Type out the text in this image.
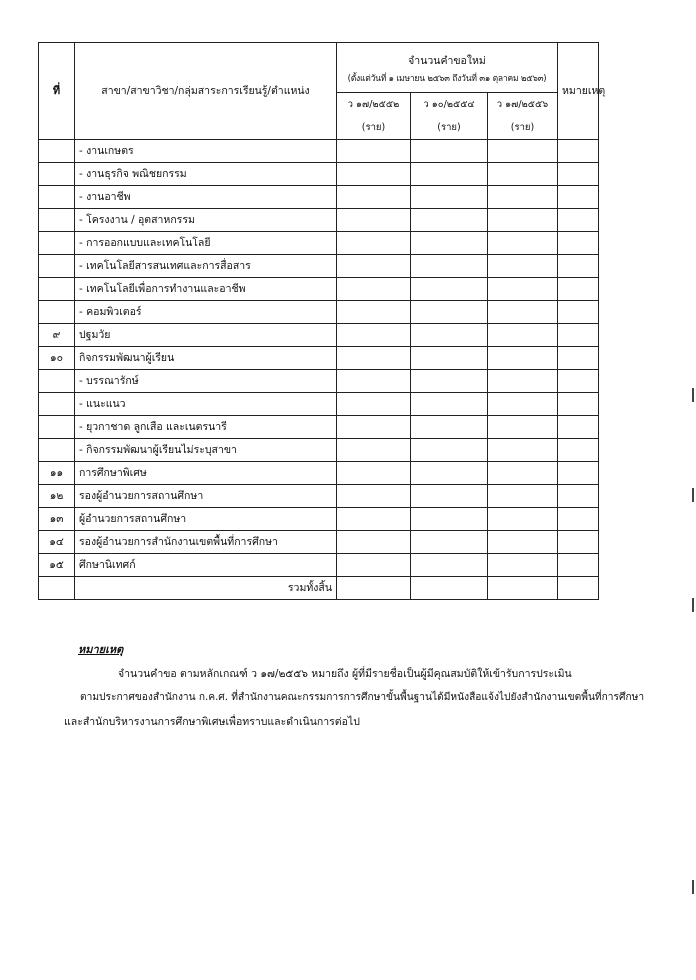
ที่	สาขา/สาขาวิชา/กลุ่มสาระการเรียนรู้/ตำแหน่ง	จำนวนคำขอใหม่
(ตั้งแต่วันที่ ๑ เมษายน ๒๕๖๓ ถึงวันที่ ๓๑ ตุลาคม ๒๕๖๓)			หมายเหตุ
		ว ๑๗/๒๕๕๒	ว ๑๐/๒๕๕๔	ว ๑๗/๒๕๕๖	
		(ราย)	(ราย)	(ราย)	
	- งานเกษตร				
	- งานธุรกิจ พณิชยกรรม				
	- งานอาชีพ				
	- โครงงาน / อุตสาหกรรม				
	- การออกแบบและเทคโนโลยี				
	- เทคโนโลยีสารสนเทศและการสื่อสาร				
	- เทคโนโลยีเพื่อการทำงานและอาชีพ				
	- คอมพิวเตอร์				
๙	ปฐมวัย				
๑๐	กิจกรรมพัฒนาผู้เรียน				
	- บรรณารักษ์				
	- แนะแนว				
	- ยุวกาชาด ลูกเสือ และเนตรนารี				
	- กิจกรรมพัฒนาผู้เรียนไม่ระบุสาขา				
๑๑	การศึกษาพิเศษ				
๑๒	รองผู้อำนวยการสถานศึกษา				
๑๓	ผู้อำนวยการสถานศึกษา				
๑๔	รองผู้อำนวยการสำนักงานเขตพื้นที่การศึกษา				
๑๕	ศึกษานิเทศก์				
	รวมทั้งสิ้น				
หมายเหตุ
จำนวนคำขอ ตามหลักเกณฑ์ ว ๑๗/๒๕๕๖ หมายถึง ผู้ที่มีรายชื่อเป็นผู้มีคุณสมบัติให้เข้ารับการประเมิน
ตามประกาศของสำนักงาน ก.ค.ศ. ที่สำนักงานคณะกรรมการการศึกษาขั้นพื้นฐานได้มีหนังสือแจ้งไปยังสำนักงานเขตพื้นที่การศึกษา
และสำนักบริหารงานการศึกษาพิเศษเพื่อทราบและดำเนินการต่อไป
